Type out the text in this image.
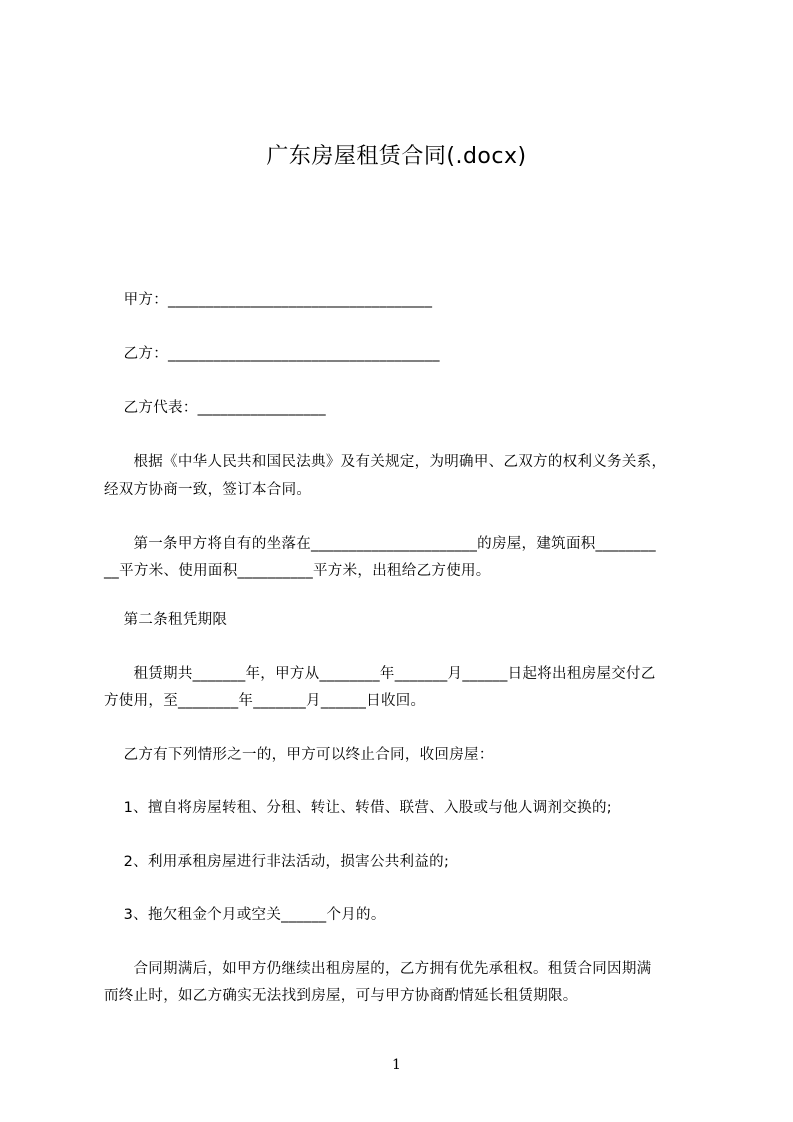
广东房屋租赁合同(.docx)
甲方：___________________________________
乙方：____________________________________
乙方代表：_________________
根据《中华人民共和国民法典》及有关规定，为明确甲、乙双方的权利义务关系，
经双方协商一致，签订本合同。
第一条甲方将自有的坐落在______________________的房屋，建筑面积________
__平方米、使用面积__________平方米，出租给乙方使用。
第二条租凭期限
租赁期共_______年，甲方从________年_______月______日起将出租房屋交付乙
方使用，至________年_______月______日收回。
乙方有下列情形之一的，甲方可以终止合同，收回房屋：
1、擅自将房屋转租、分租、转让、转借、联营、入股或与他人调剂交换的;
2、利用承租房屋进行非法活动，损害公共利益的;
3、拖欠租金个月或空关______个月的。
合同期满后，如甲方仍继续出租房屋的，乙方拥有优先承租权。租赁合同因期满
而终止时，如乙方确实无法找到房屋，可与甲方协商酌情延长租赁期限。
1
